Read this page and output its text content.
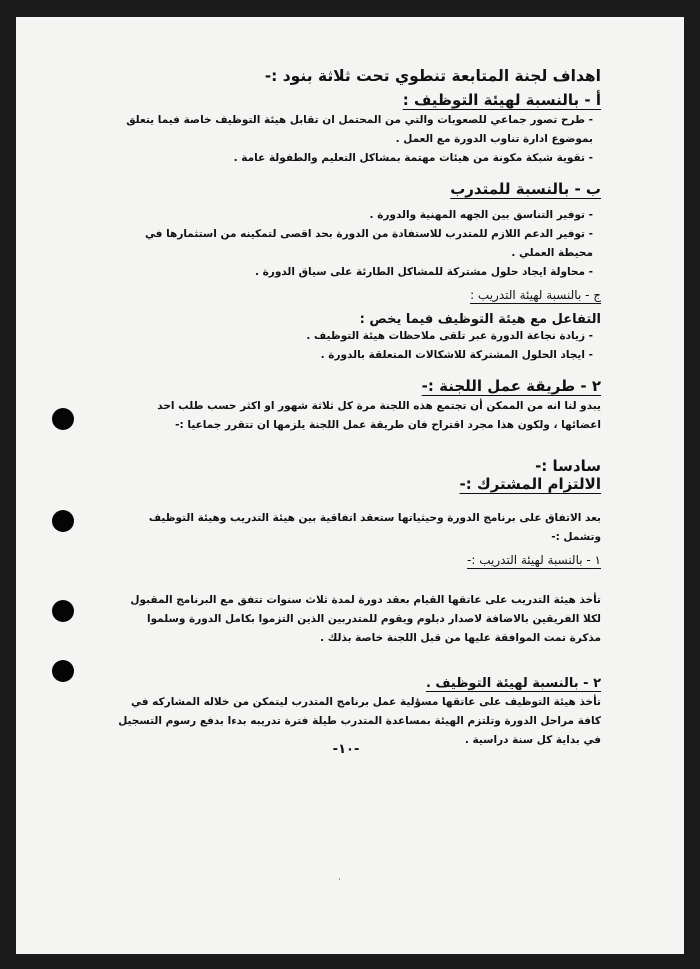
اهداف لجنة المتابعة تنطوي تحت ثلاثة بنود :-
أ - بالنسبة لهيئة التوظيف :
- طرح تصور جماعي للصعوبات والتي من المحتمل ان تقابل هيئة التوظيف خاصة فيما يتعلق بموضوع ادارة تناوب الدورة مع العمل .
- تقوية شبكة مكونة من هيئات مهتمة بمشاكل التعليم والطفولة عامة .
ب - بالنسبة للمتدرب
- توفير التناسق بين الجهه المهنية والدورة .
- توفير الدعم اللازم للمتدرب للاستفادة من الدورة بحد اقصى لتمكينه من استثمارها في محيطة العملي .
- محاولة ايجاد حلول مشتركة للمشاكل الطارئة على سياق الدورة .
ج - بالنسبة لهيئة التدريب :
التفاعل مع هيئة التوظيف فيما يخص :
- زيادة نجاعة الدورة عبر تلقى ملاحظات هيئة التوظيف .
- ايجاد الحلول المشتركة للاشكالات المتعلقة بالدورة .
٢ - طريقة عمل اللجنة :-
يبدو لنا انه من الممكن أن تجتمع هذه اللجنة مرة كل ثلاثة شهور او اكثر حسب طلب احد اعضائها ، ولكون هذا مجرد اقتراح فان طريقة عمل اللجنة يلزمها ان تتقرر جماعيا :-
سادسا :-
الالتزام المشترك :-
بعد الاتفاق على برنامج الدورة وحيثياتها ستعقد اتفاقية بين هيئة التدريب وهيئة التوظيف وتشمل :-
١ - بالنسبة لهيئة التدريب :-
تأخذ هيئة التدريب على عاتقها القيام بعقد دورة لمدة ثلاث سنوات تتفق مع البرنامج المقبول لكلا الفريقين بالاضافة لاصدار دبلوم ويقوم للمتدربين الذين التزموا بكامل الدورة وسلموا مذكرة تمت الموافقة عليها من قبل اللجنة خاصة بذلك .
٢ - بالنسبة لهيئة التوظيف .
تأخذ هيئة التوظيف على عاتقها مسؤلية عمل برنامج المتدرب ليتمكن من خلاله المشاركه في كافة مراحل الدورة وتلتزم الهيئة بمساعدة المتدرب طيلة فترة تدريبه بدءا بدفع رسوم التسجيل في بداية كل سنة دراسية .
-١٠-
·
